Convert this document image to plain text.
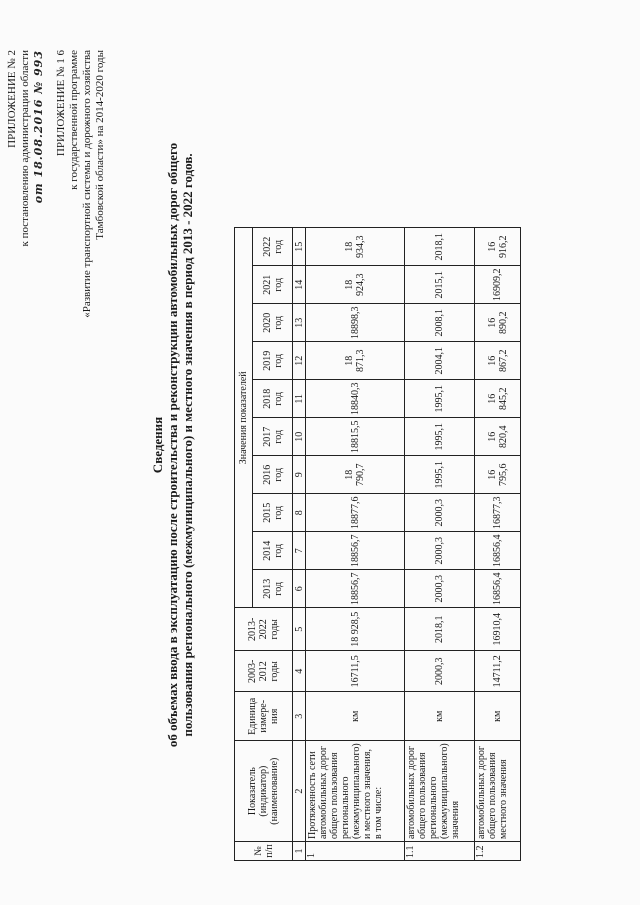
ПРИЛОЖЕНИЕ № 2 к постановлению администрации области от 18.08.2016 № 993 ПРИЛОЖЕНИЕ № 1 6 к государственной программе «Развитие транспортной системы и дорожного хозяйства Тамбовской области» на 2014-2020 годы
Сведения об объемах ввода в эксплуатацию после строительства и реконструкции автомобильных дорог общего пользования регионального (межмуниципального) и местного значения в период 2013 - 2022 годов.
№ п/п	Показатель (индикатор) (наименование)	Единица измере-ния	2003-2012 годы	2013-2022 годы	Значения показателей									
					2013 год	2014 год	2015 год	2016 год	2017 год	2018 год	2019 год	2020 год	2021 год	2022 год
1	2	3	4	5	6	7	8	9	10	11	12	13	14	15
1	Протяженность сети автомобильных дорог общего пользования регионального (межмуниципального) и местного значения, в том числе:	км	16711,5	18 928,5	18856,7	18856,7	18877,6	18 790,7	18815,5	18840,3	18 871,3	18898,3	18 924,3	18 934,3
1.1	автомобильных дорог общего пользования регионального (межмуниципального) значения	км	2000,3	2018,1	2000,3	2000,3	2000,3	1995,1	1995,1	1995,1	2004,1	2008,1	2015,1	2018,1
1.2	автомобильных дорог общего пользования местного значения	км	14711,2	16910,4	16856,4	16856,4	16877,3	16 795,6	16 820,4	16 845,2	16 867,2	16 890,2	16909,2	16 916,2
